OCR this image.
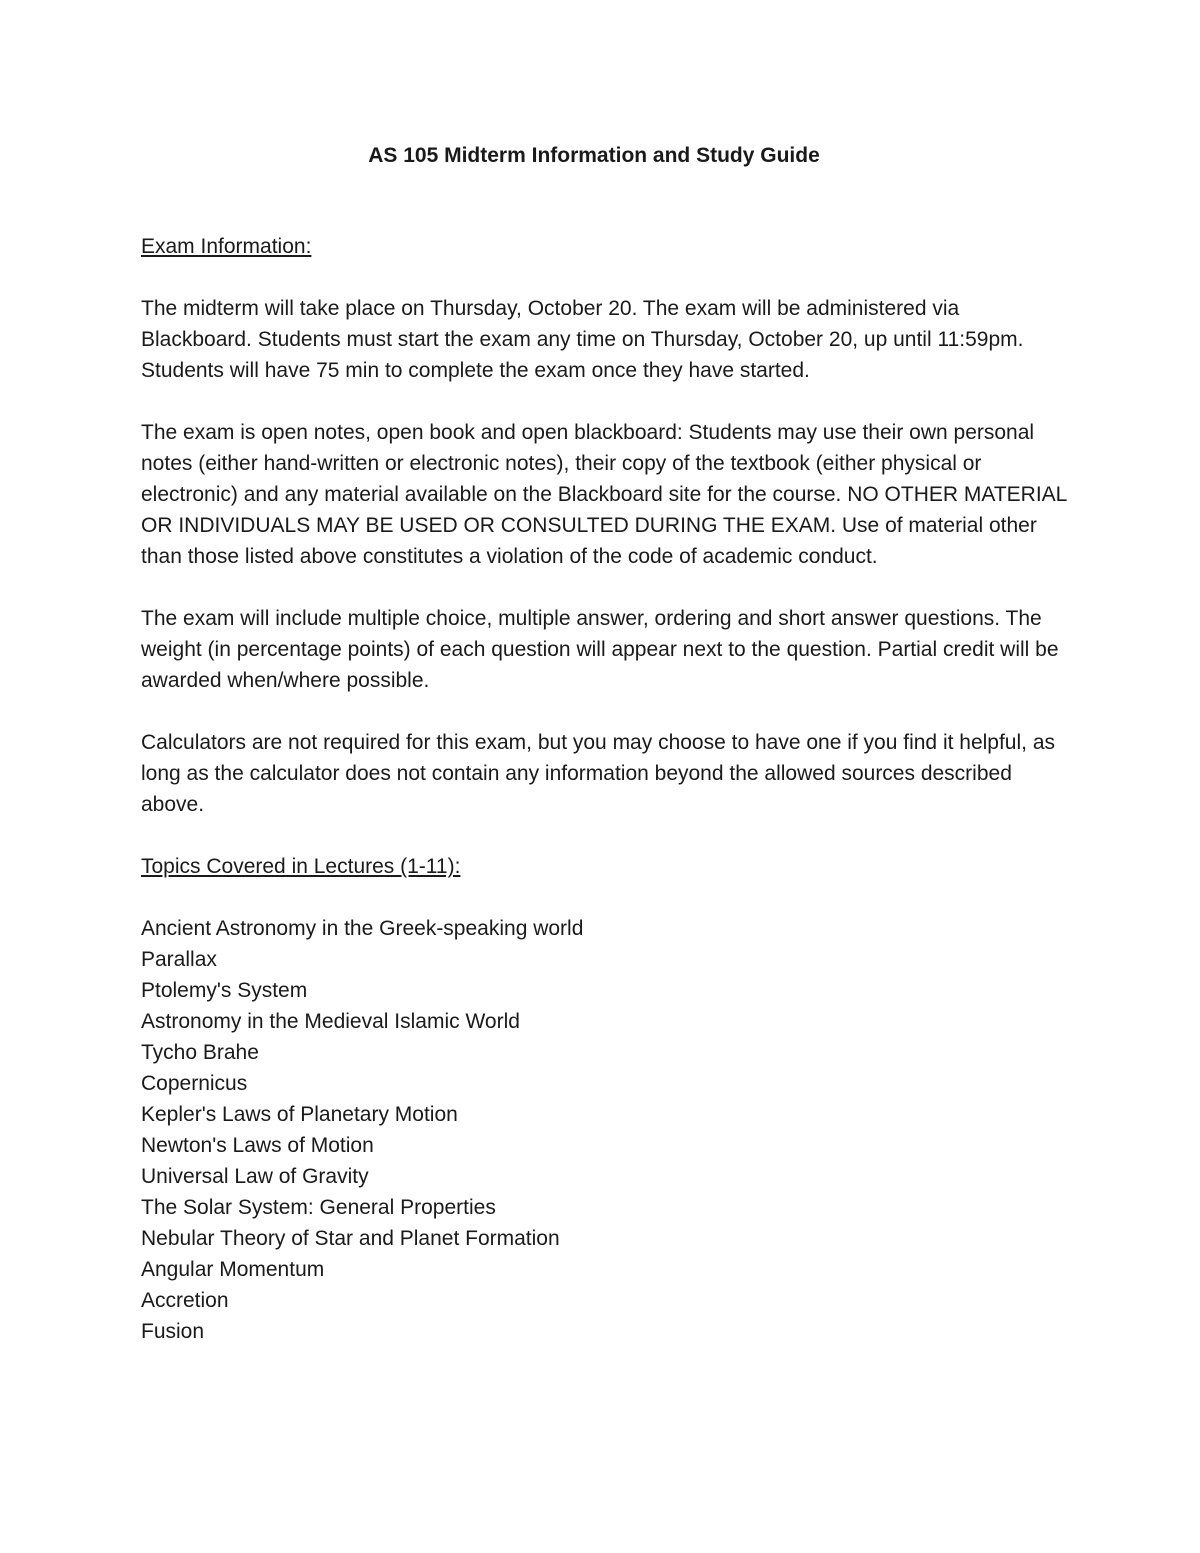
AS 105 Midterm Information and Study Guide
Exam Information:

The midterm will take place on Thursday, October 20. The exam will be administered via Blackboard. Students must start the exam any time on Thursday, October 20, up until 11:59pm. Students will have 75 min to complete the exam once they have started.

The exam is open notes, open book and open blackboard: Students may use their own personal notes (either hand-written or electronic notes), their copy of the textbook (either physical or electronic) and any material available on the Blackboard site for the course. NO OTHER MATERIAL OR INDIVIDUALS MAY BE USED OR CONSULTED DURING THE EXAM. Use of material other than those listed above constitutes a violation of the code of academic conduct.

The exam will include multiple choice, multiple answer, ordering and short answer questions. The weight (in percentage points) of each question will appear next to the question. Partial credit will be awarded when/where possible.

Calculators are not required for this exam, but you may choose to have one if you find it helpful, as long as the calculator does not contain any information beyond the allowed sources described above.

Topics Covered in Lectures (1-11):
Ancient Astronomy in the Greek-speaking world
Parallax
Ptolemy's System
Astronomy in the Medieval Islamic World
Tycho Brahe
Copernicus
Kepler's Laws of Planetary Motion
Newton's Laws of Motion
Universal Law of Gravity
The Solar System: General Properties
Nebular Theory of Star and Planet Formation
Angular Momentum
Accretion
Fusion
